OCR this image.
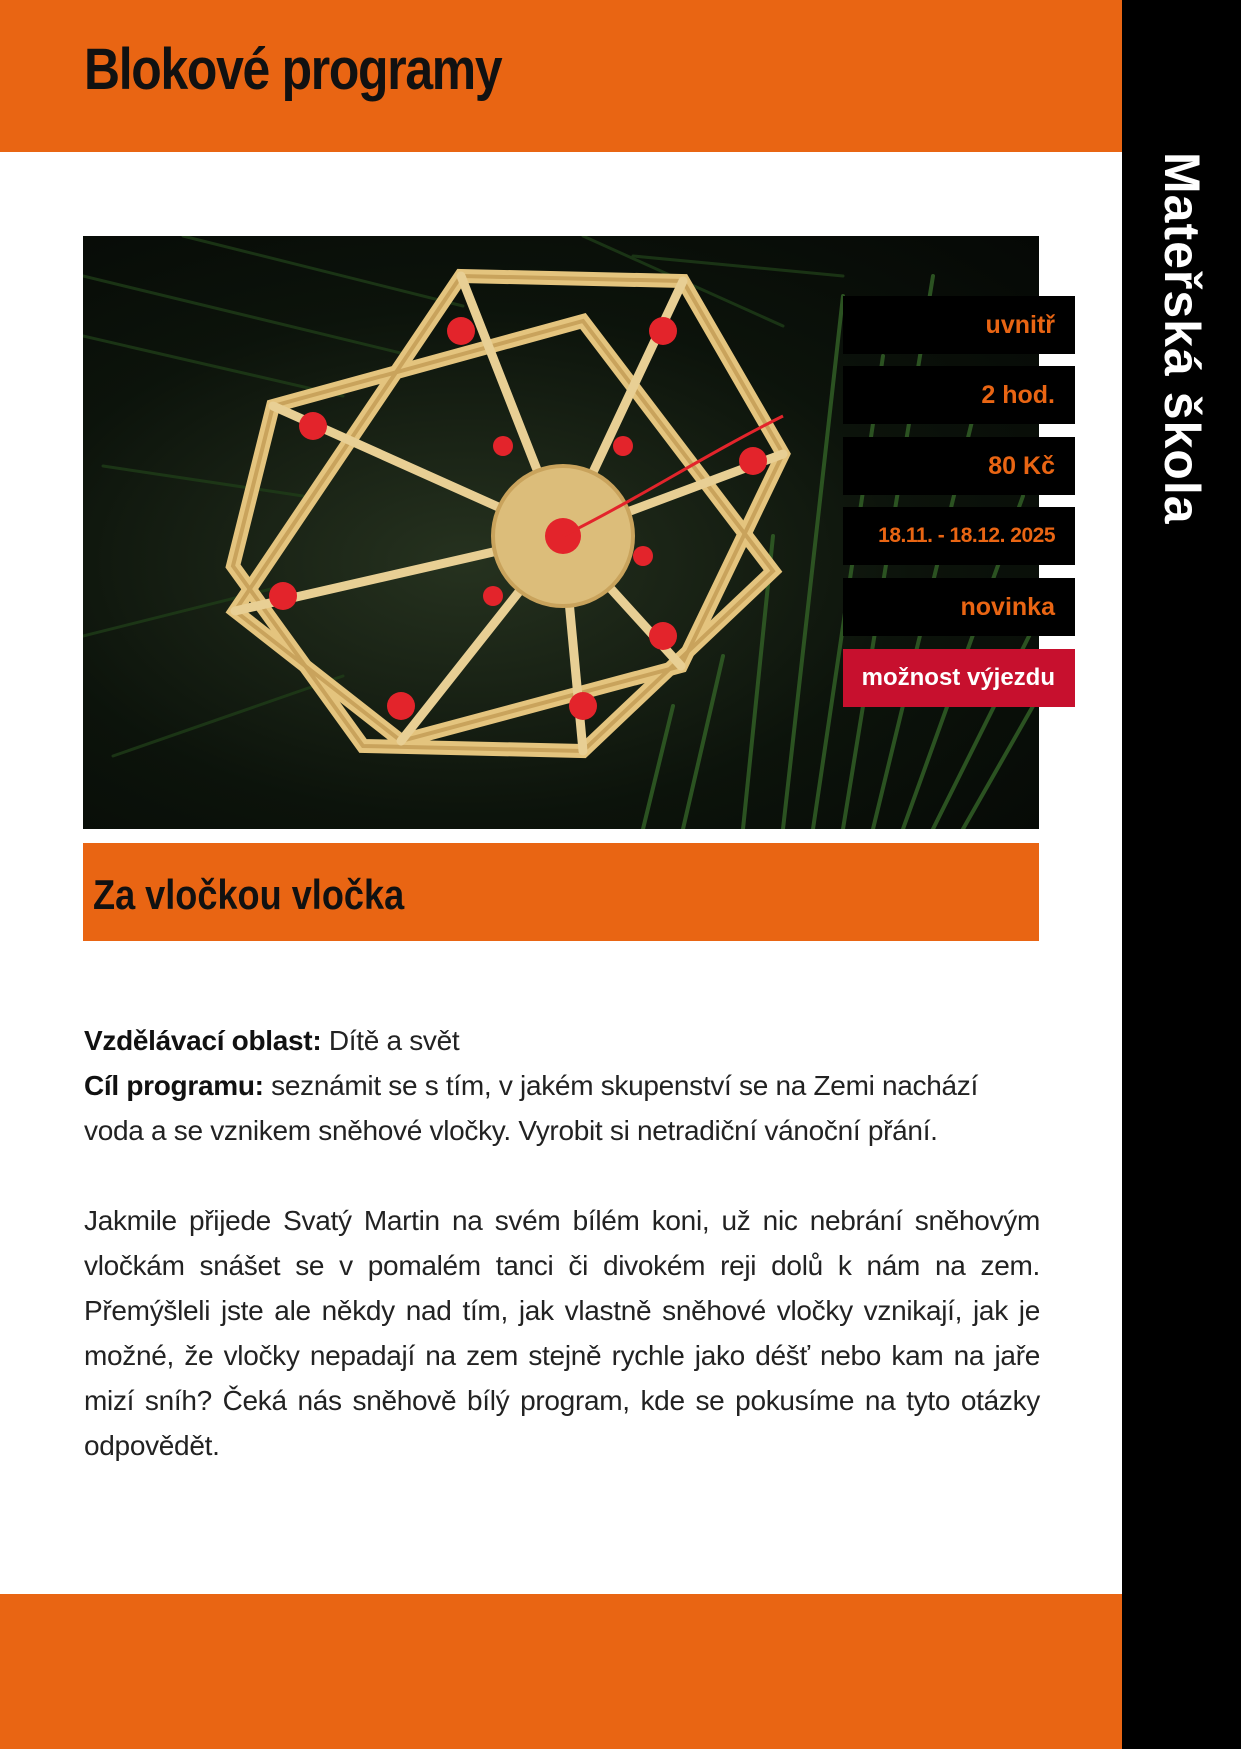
Blokové programy
Mateřská škola
uvnitř
2 hod.
80 Kč
18.11. - 18.12. 2025
novinka
možnost výjezdu
Za vločkou vločka

Vzdělávací oblast: Dítě a svět

Cíl programu: seznámit se s tím, v jakém skupenství se na Zemi nachází voda a se vznikem sněhové vločky. Vyrobit si netradiční vánoční přání.

Jakmile přijede Svatý Martin na svém bílém koni, už nic nebrání sněhovým vločkám snášet se v pomalém tanci či divokém reji dolů k nám na zem. Přemýšleli jste ale někdy nad tím, jak vlastně sněhové vločky vznikají, jak je možné, že vločky nepadají na zem stejně rychle jako déšť nebo kam na jaře mizí sníh? Čeká nás sněhově bílý program, kde se pokusíme na tyto otázky odpovědět.
